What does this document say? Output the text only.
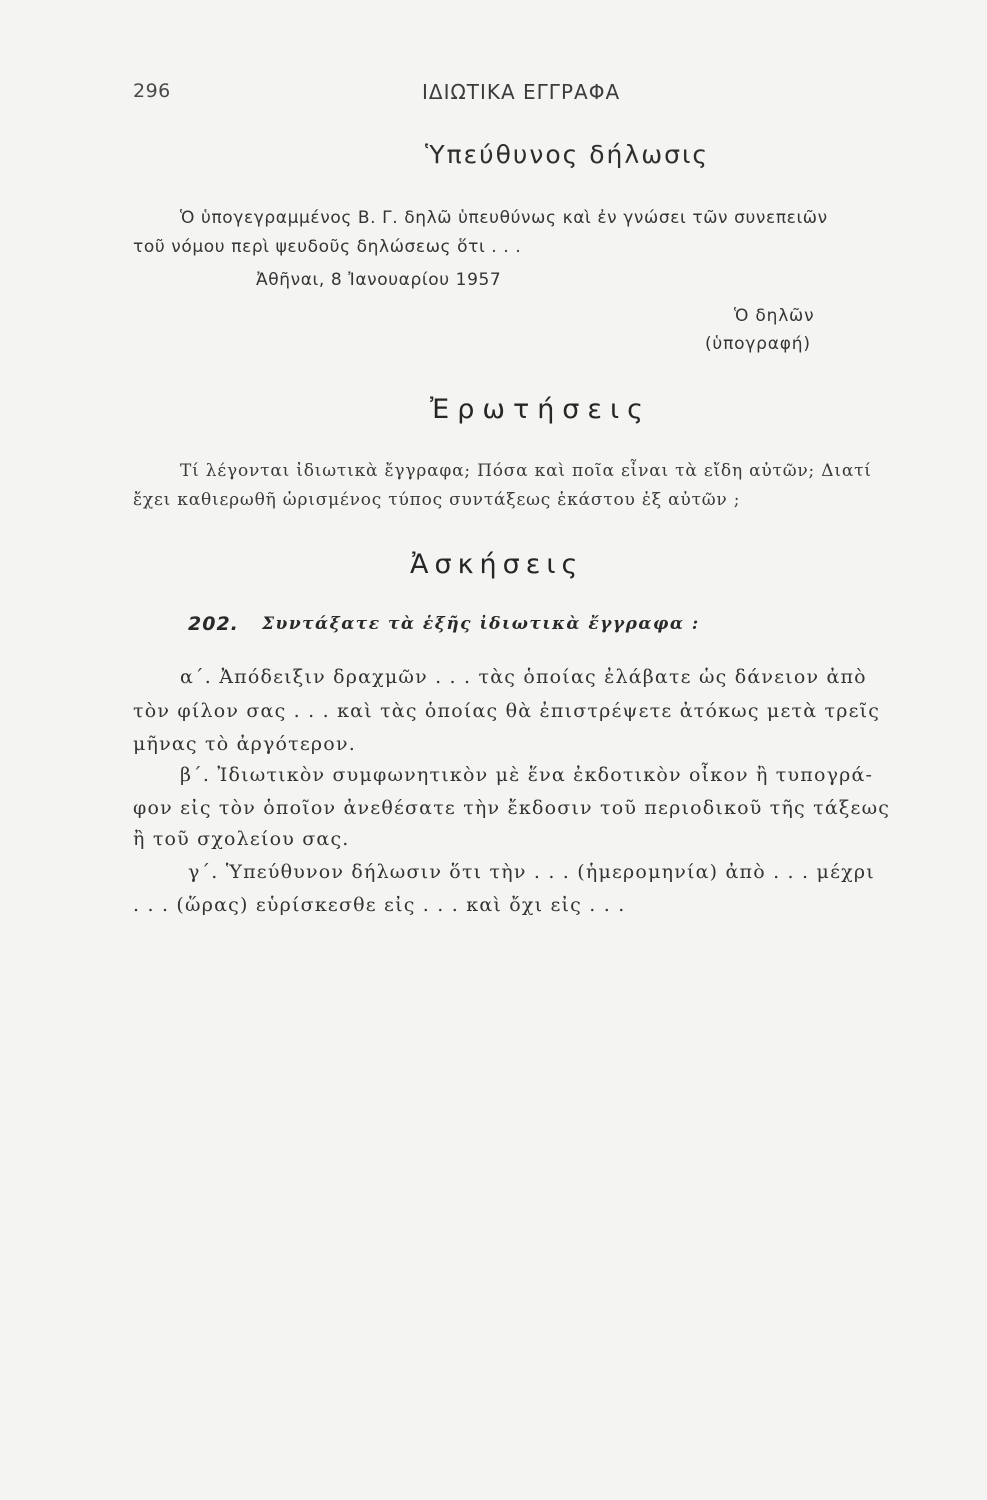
296	ΙΔΙΩΤΙΚΑ ΕΓΓΡΑΦΑ
Ὑπεύθυνος δήλωσις
Ὁ ὑπογεγραμμένος Β. Γ. δηλῶ ὑπευθύνως καὶ ἐν γνώσει τῶν συνεπειῶν
τοῦ νόμου περὶ ψευδοῦς δηλώσεως ὅτι . . .
Ἀθῆναι, 8 Ἰανουαρίου 1957
Ὁ δηλῶν
(ὑπογραφή)
Ἐρωτήσεις
Τί λέγονται ἰδιωτικὰ ἔγγραφα; Πόσα καὶ ποῖα εἶναι τὰ εἴδη αὐτῶν; Διατί
ἔχει καθιερωθῆ ὡρισμένος τύπος συντάξεως ἑκάστου ἐξ αὐτῶν ;
Ἀσκήσεις
202. Συντάξατε τὰ ἑξῆς ἰδιωτικὰ ἔγγραφα :
α΄. Ἀπόδειξιν δραχμῶν . . . τὰς ὁποίας ἐλάβατε ὡς δάνειον ἀπὸ
τὸν φίλον σας . . . καὶ τὰς ὁποίας θὰ ἐπιστρέψετε ἀτόκως μετὰ τρεῖς
μῆνας τὸ ἀργότερον.
β΄. Ἰδιωτικὸν συμφωνητικὸν μὲ ἕνα ἐκδοτικὸν οἶκον ἢ τυπογρά-
φον εἰς τὸν ὁποῖον ἀνεθέσατε τὴν ἔκδοσιν τοῦ περιοδικοῦ τῆς τάξεως
ἢ τοῦ σχολείου σας.
γ΄. Ὑπεύθυνον δήλωσιν ὅτι τὴν . . . (ἡμερομηνία) ἀπὸ . . . μέχρι
. . . (ὥρας) εὑρίσκεσθε εἰς . . . καὶ ὄχι εἰς . . .
